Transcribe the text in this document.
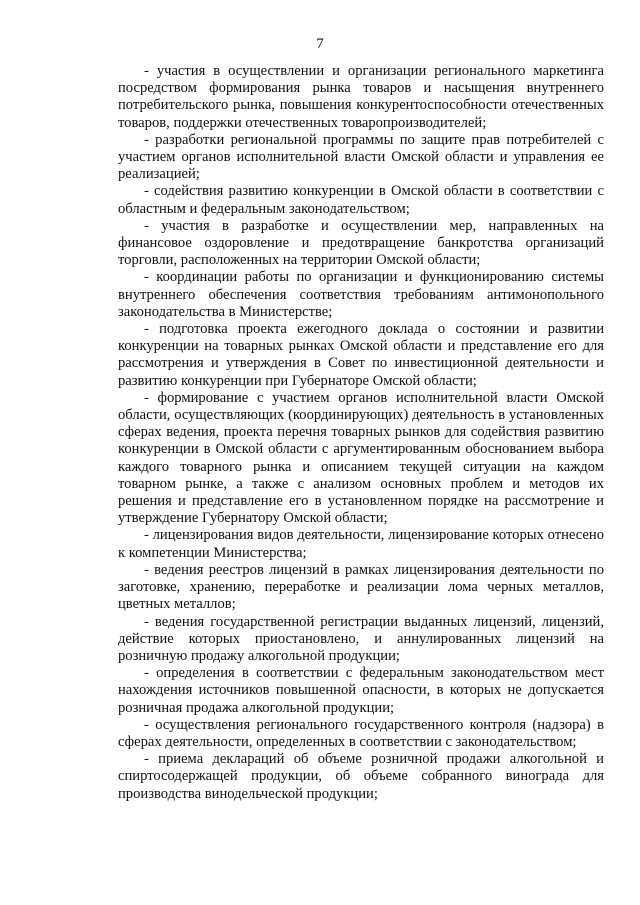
7

- участия в осуществлении и организации регионального маркетинга посредством формирования рынка товаров и насыщения внутреннего потребительского рынка, повышения конкурентоспособности отечественных товаров, поддержки отечественных товаропроизводителей;

- разработки региональной программы по защите прав потребителей с участием органов исполнительной власти Омской области и управления ее реализацией;

- содействия развитию конкуренции в Омской области в соответствии с областным и федеральным законодательством;

- участия в разработке и осуществлении мер, направленных на финансовое оздоровление и предотвращение банкротства организаций торговли, расположенных на территории Омской области;

- координации работы по организации и функционированию системы внутреннего обеспечения соответствия требованиям антимонопольного законодательства в Министерстве;

- подготовка проекта ежегодного доклада о состоянии и развитии конкуренции на товарных рынках Омской области и представление его для рассмотрения и утверждения в Совет по инвестиционной деятельности и развитию конкуренции при Губернаторе Омской области;

- формирование с участием органов исполнительной власти Омской области, осуществляющих (координирующих) деятельность в установленных сферах ведения, проекта перечня товарных рынков для содействия развитию конкуренции в Омской области с аргументированным обоснованием выбора каждого товарного рынка и описанием текущей ситуации на каждом товарном рынке, а также с анализом основных проблем и методов их решения и представление его в установленном порядке на рассмотрение и утверждение Губернатору Омской области;

- лицензирования видов деятельности, лицензирование которых отнесено к компетенции Министерства;

- ведения реестров лицензий в рамках лицензирования деятельности по заготовке, хранению, переработке и реализации лома черных металлов, цветных металлов;

- ведения государственной регистрации выданных лицензий, лицензий, действие которых приостановлено, и аннулированных лицензий на розничную продажу алкогольной продукции;

- определения в соответствии с федеральным законодательством мест нахождения источников повышенной опасности, в которых не допускается розничная продажа алкогольной продукции;

- осуществления регионального государственного контроля (надзора) в сферах деятельности, определенных в соответствии с законодательством;

- приема деклараций об объеме розничной продажи алкогольной и спиртосодержащей продукции, об объеме собранного винограда для производства винодельческой продукции;
